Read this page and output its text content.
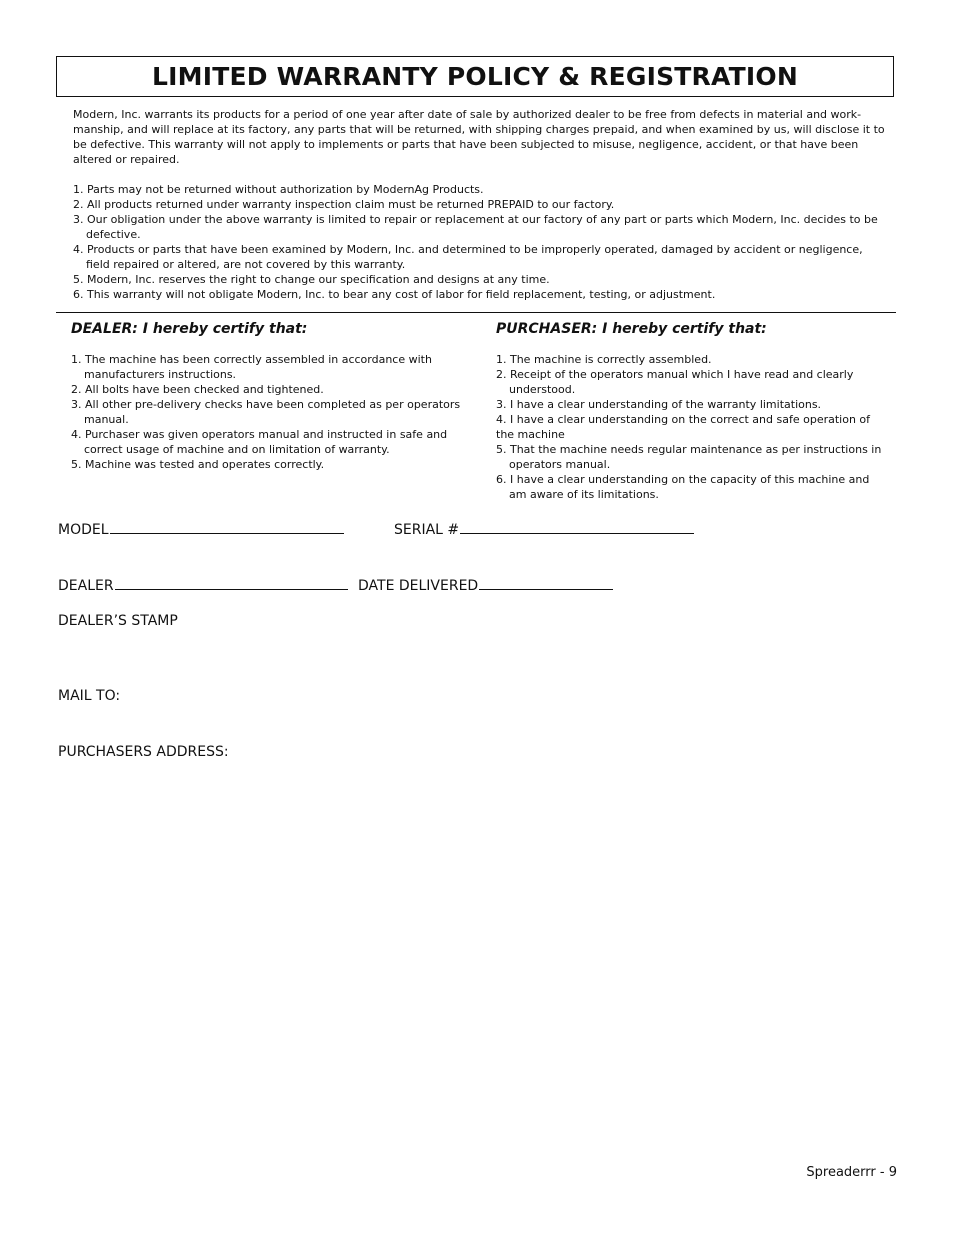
LIMITED WARRANTY POLICY & REGISTRATION

Modern, Inc. warrants its products for a period of one year after date of sale by authorized dealer to be free from defects in material and work-manship, and will replace at its factory, any parts that will be returned, with shipping charges prepaid, and when examined by us, will disclose it to be defective. This warranty will not apply to implements or parts that have been subjected to misuse, negligence, accident, or that have been altered or repaired.

1. Parts may not be returned without authorization by ModernAg Products.
2. All products returned under warranty inspection claim must be returned PREPAID to our factory.
3. Our obligation under the above warranty is limited to repair or replacement at our factory of any part or parts which Modern, Inc. decides to be defective.
4. Products or parts that have been examined by Modern, Inc. and determined to be improperly operated, damaged by accident or negligence, field repaired or altered, are not covered by this warranty.
5. Modern, Inc. reserves the right to change our specification and designs at any time.
6. This warranty will not obligate Modern, Inc. to bear any cost of labor for field replacement, testing, or adjustment.
DEALER: I hereby certify that:
1. The machine has been correctly assembled in accordance with manufacturers instructions.
2. All bolts have been checked and tightened.
3. All other pre-delivery checks have been completed as per operators manual.
4. Purchaser was given operators manual and instructed in safe and correct usage of machine and on limitation of warranty.
5. Machine was tested and operates correctly.
PURCHASER: I hereby certify that:
1. The machine is correctly assembled.
2. Receipt of the operators manual which I have read and clearly understood.
3. I have a clear understanding of the warranty limitations.
4. I have a clear understanding on the correct and safe operation of the machine
5. That the machine needs regular maintenance as per instructions in operators manual.
6. I have a clear understanding on the capacity of this machine and am aware of its limitations.
MODEL	SERIAL #
DEALER	DATE DELIVERED
DEALER’S STAMP
MAIL TO:
PURCHASERS ADDRESS:
Spreaderrr - 9
